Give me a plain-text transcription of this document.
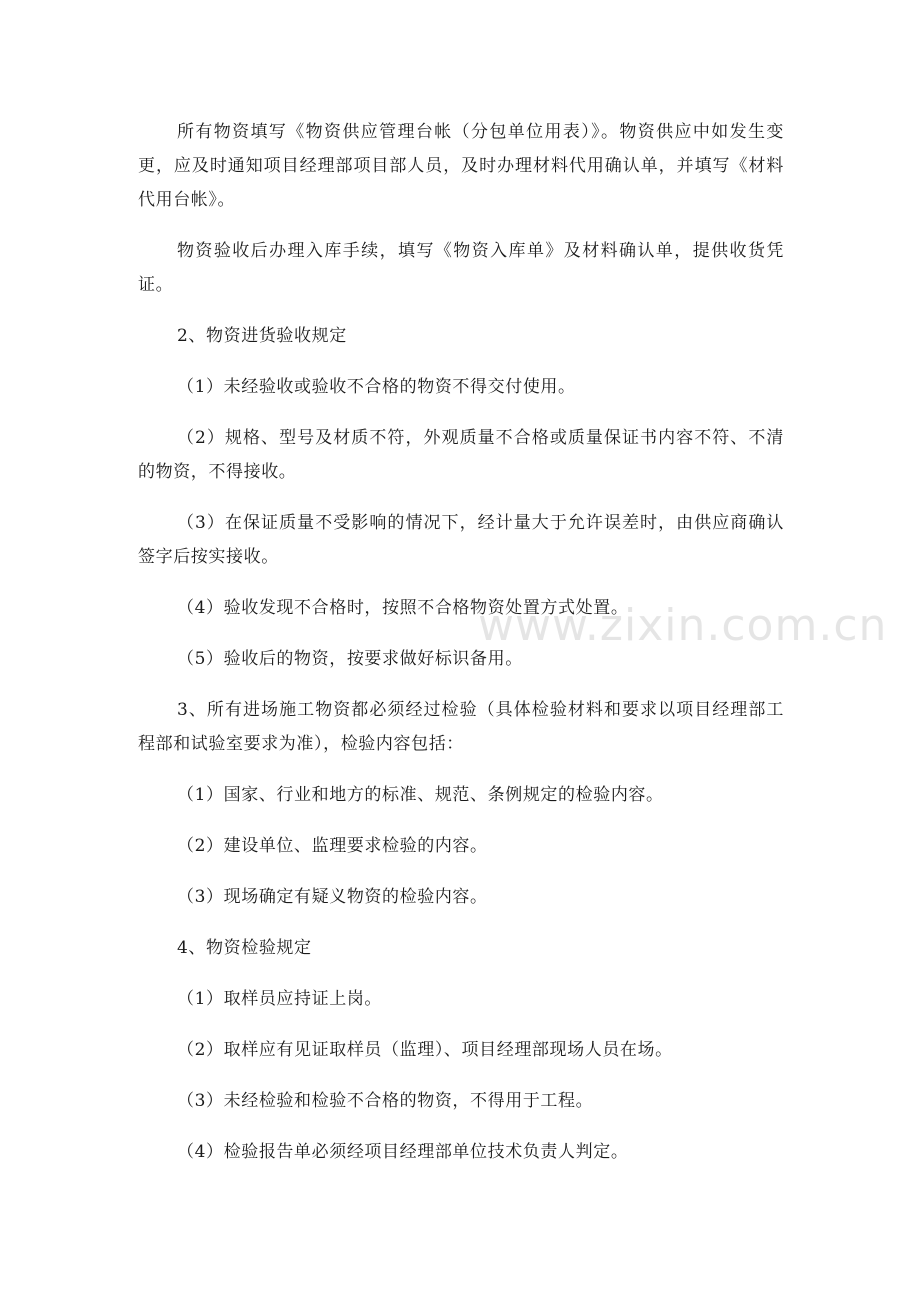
所有物资填写《物资供应管理台帐（分包单位用表）》。物资供应中如发生变更，应及时通知项目经理部项目部人员，及时办理材料代用确认单，并填写《材料代用台帐》。

物资验收后办理入库手续，填写《物资入库单》及材料确认单，提供收货凭证。

2、物资进货验收规定

（1）未经验收或验收不合格的物资不得交付使用。

（2）规格、型号及材质不符，外观质量不合格或质量保证书内容不符、不清的物资，不得接收。

（3）在保证质量不受影响的情况下，经计量大于允许误差时，由供应商确认签字后按实接收。

（4）验收发现不合格时，按照不合格物资处置方式处置。

（5）验收后的物资，按要求做好标识备用。

3、所有进场施工物资都必须经过检验（具体检验材料和要求以项目经理部工程部和试验室要求为准），检验内容包括：

（1）国家、行业和地方的标准、规范、条例规定的检验内容。

（2）建设单位、监理要求检验的内容。

（3）现场确定有疑义物资的检验内容。

4、物资检验规定

（1）取样员应持证上岗。

（2）取样应有见证取样员（监理）、项目经理部现场人员在场。

（3）未经检验和检验不合格的物资，不得用于工程。

（4）检验报告单必须经项目经理部单位技术负责人判定。

www.zixin.com.cn
